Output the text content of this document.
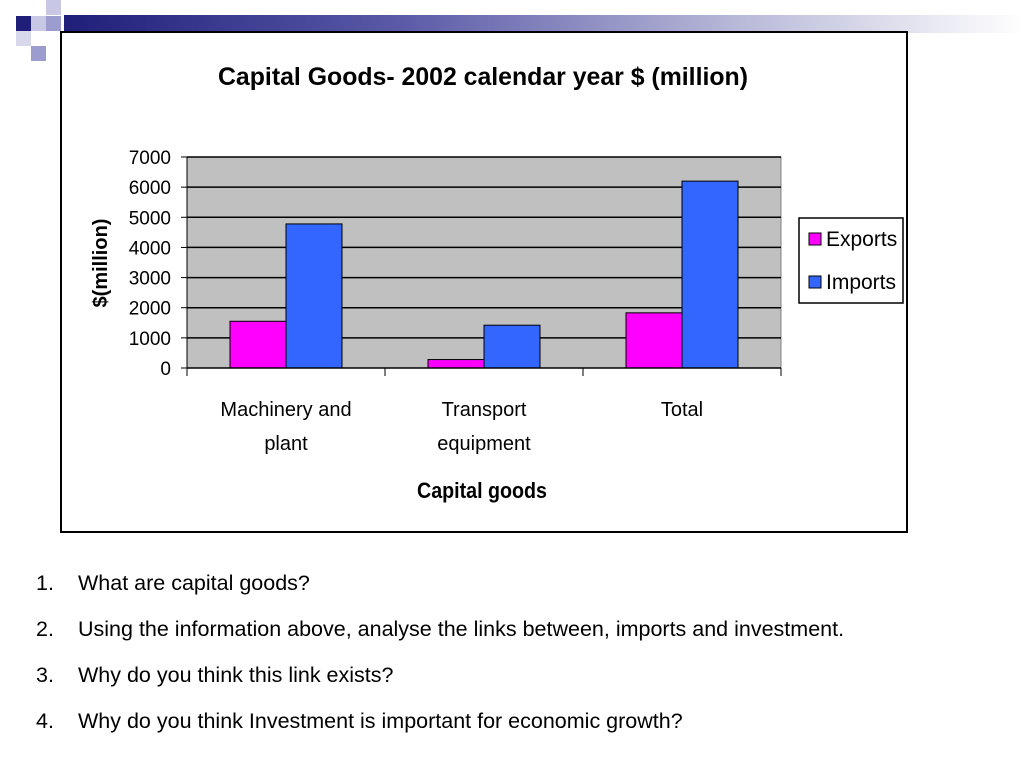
Capital Goods- 2002 calendar year $ (million)
0
1000
2000
3000
4000
5000
6000
7000
Machinery and
plant
Transport
equipment
Total
$(million)
Capital goods
Exports
Imports
1. What are capital goods?
2. Using the information above, analyse the links between, imports and investment.
3. Why do you think this link exists?
4. Why do you think Investment is important for economic growth?
